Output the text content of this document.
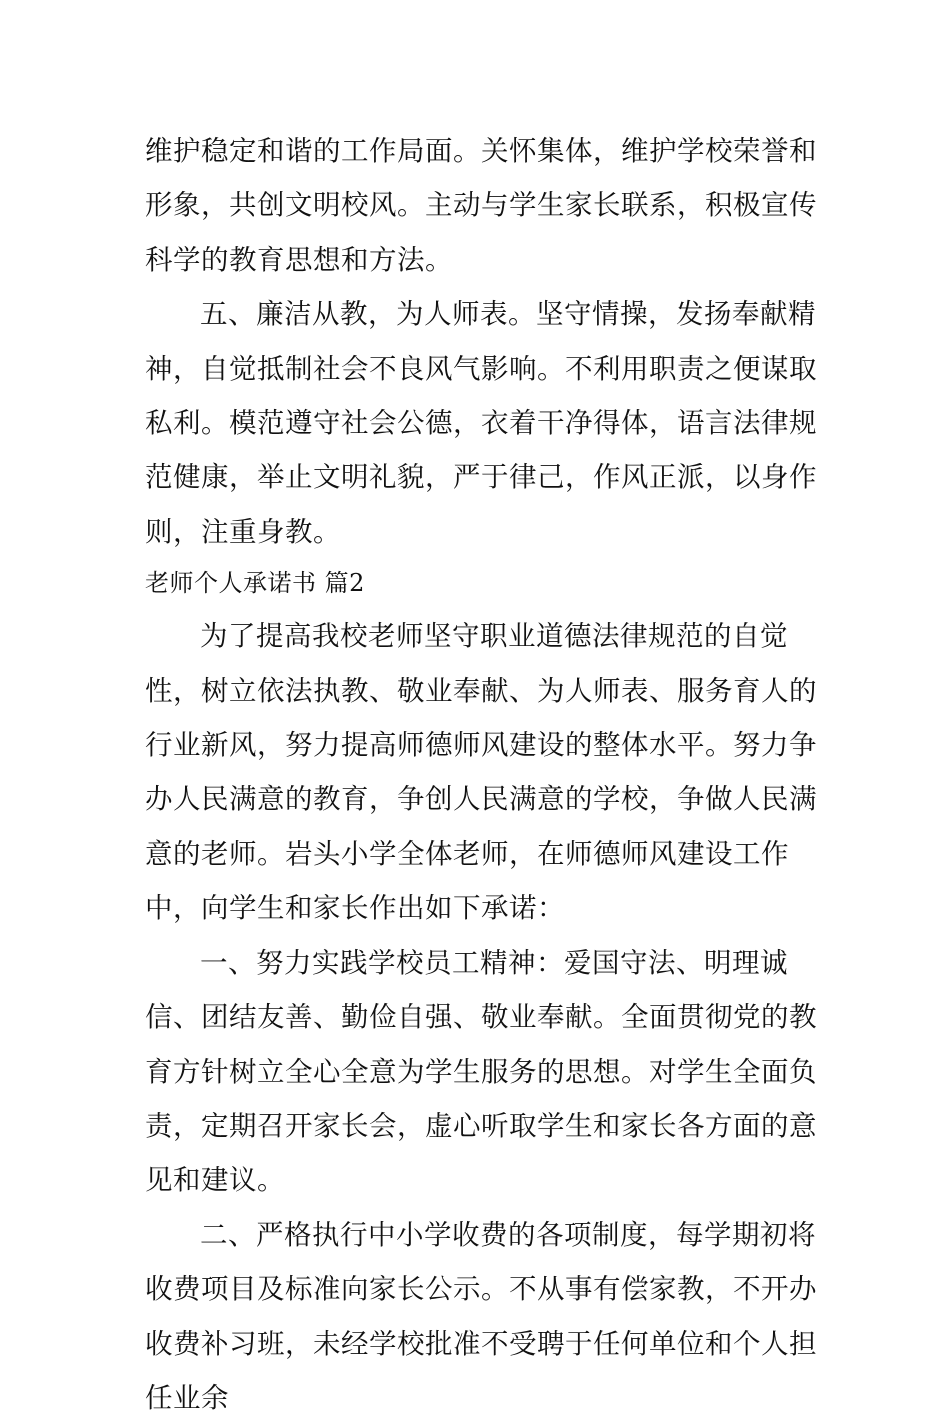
维护稳定和谐的工作局面。关怀集体，维护学校荣誉和形象，共创文明校风。主动与学生家长联系，积极宣传科学的教育思想和方法。

五、廉洁从教，为人师表。坚守情操，发扬奉献精神，自觉抵制社会不良风气影响。不利用职责之便谋取私利。模范遵守社会公德，衣着干净得体，语言法律规范健康，举止文明礼貌，严于律己，作风正派，以身作则，注重身教。

老师个人承诺书 篇2

为了提高我校老师坚守职业道德法律规范的自觉性，树立依法执教、敬业奉献、为人师表、服务育人的行业新风，努力提高师德师风建设的整体水平。努力争办人民满意的教育，争创人民满意的学校，争做人民满意的老师。岩头小学全体老师，在师德师风建设工作中，向学生和家长作出如下承诺：

一、努力实践学校员工精神：爱国守法、明理诚信、团结友善、勤俭自强、敬业奉献。全面贯彻党的教育方针树立全心全意为学生服务的思想。对学生全面负责，定期召开家长会，虚心听取学生和家长各方面的意见和建议。

二、严格执行中小学收费的各项制度，每学期初将收费项目及标准向家长公示。不从事有偿家教，不开办收费补习班，未经学校批准不受聘于任何单位和个人担任业余
